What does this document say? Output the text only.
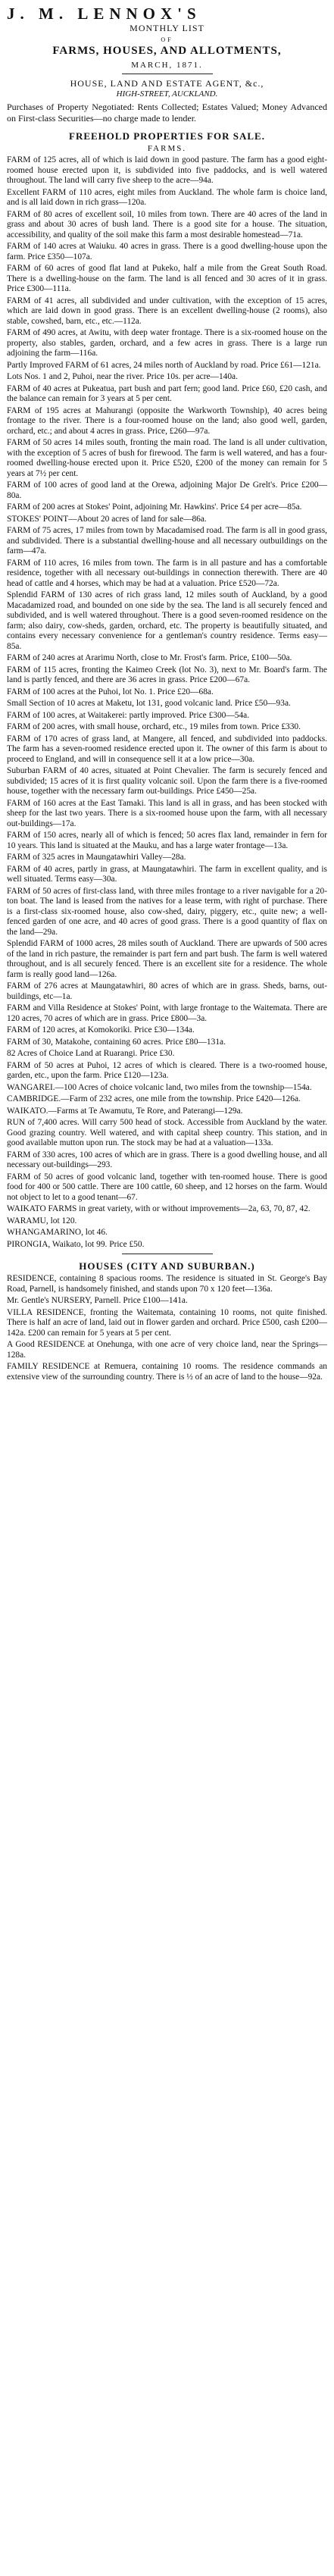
J. M. LENNOX'S
MONTHLY LIST
OF
FARMS, HOUSES, AND ALLOTMENTS,
MARCH, 1871.
HOUSE, LAND AND ESTATE AGENT, &c.,
HIGH-STREET, AUCKLAND.

Purchases of Property Negotiated: Rents Collected; Estates Valued; Money Advanced on First-class Securities—no charge made to lender.

FREEHOLD PROPERTIES FOR SALE.
FARMS.

FARM of 125 acres, all of which is laid down in good pasture. The farm has a good eight-roomed house erected upon it, is subdivided into five paddocks, and is well watered throughout. The land will carry five sheep to the acre—94a.

Excellent FARM of 110 acres, eight miles from Auckland. The whole farm is choice land, and is all laid down in rich grass—120a.

FARM of 80 acres of excellent soil, 10 miles from town. There are 40 acres of the land in grass and about 30 acres of bush land. There is a good site for a house. The situation, accessibility, and quality of the soil make this farm a most desirable homestead—71a.

FARM of 140 acres at Waiuku. 40 acres in grass. There is a good dwelling-house upon the farm. Price £350—107a.

FARM of 60 acres of good flat land at Pukeko, half a mile from the Great South Road. There is a dwelling-house on the farm. The land is all fenced and 30 acres of it in grass. Price £300—111a.

FARM of 41 acres, all subdivided and under cultivation, with the exception of 15 acres, which are laid down in good grass. There is an excellent dwelling-house (2 rooms), also stable, cowshed, barn, etc., etc.—112a.

FARM of 490 acres, at Awitu, with deep water frontage. There is a six-roomed house on the property, also stables, garden, orchard, and a few acres in grass. There is a large run adjoining the farm—116a.

Partly Improved FARM of 61 acres, 24 miles north of Auckland by road. Price £61—121a.

Lots Nos. 1 and 2, Puhoi, near the river. Price 10s. per acre—140a.

FARM of 40 acres at Pukeatua, part bush and part fern; good land. Price £60, £20 cash, and the balance can remain for 3 years at 5 per cent.

FARM of 195 acres at Mahurangi (opposite the Warkworth Township), 40 acres being frontage to the river. There is a four-roomed house on the land; also good well, garden, orchard, etc.; and about 4 acres in grass. Price, £260—97a.

FARM of 50 acres 14 miles south, fronting the main road. The land is all under cultivation, with the exception of 5 acres of bush for firewood. The farm is well watered, and has a four-roomed dwelling-house erected upon it. Price £520, £200 of the money can remain for 5 years at 7½ per cent.

FARM of 100 acres of good land at the Orewa, adjoining Major De Grelt's. Price £200—80a.

FARM of 200 acres at Stokes' Point, adjoining Mr. Hawkins'. Price £4 per acre—85a.

STOKES' POINT—About 20 acres of land for sale—86a.

FARM of 75 acres, 17 miles from town by Macadamised road. The farm is all in good grass, and subdivided. There is a substantial dwelling-house and all necessary outbuildings on the farm—47a.

FARM of 110 acres, 16 miles from town. The farm is in all pasture and has a comfortable residence, together with all necessary out-buildings in connection therewith. There are 40 head of cattle and 4 horses, which may be had at a valuation. Price £520—72a.

Splendid FARM of 130 acres of rich grass land, 12 miles south of Auckland, by a good Macadamized road, and bounded on one side by the sea. The land is all securely fenced and subdivided, and is well watered throughout. There is a good seven-roomed residence on the farm; also dairy, cow-sheds, garden, orchard, etc. The property is beautifully situated, and contains every necessary convenience for a gentleman's country residence. Terms easy—85a.

FARM of 240 acres at Ararimu North, close to Mr. Frost's farm. Price, £100—50a.

FARM of 115 acres, fronting the Kaimeo Creek (lot No. 3), next to Mr. Board's farm. The land is partly fenced, and there are 36 acres in grass. Price £200—67a.

FARM of 100 acres at the Puhoi, lot No. 1. Price £20—68a.

Small Section of 10 acres at Maketu, lot 131, good volcanic land. Price £50—93a.

FARM of 100 acres, at Waitakerei: partly improved. Price £300—54a.

FARM of 200 acres, with small house, orchard, etc., 19 miles from town. Price £330.

FARM of 170 acres of grass land, at Mangere, all fenced, and subdivided into paddocks. The farm has a seven-roomed residence erected upon it. The owner of this farm is about to proceed to England, and will in consequence sell it at a low price—30a.

Suburban FARM of 40 acres, situated at Point Chevalier. The farm is securely fenced and subdivided; 15 acres of it is first quality volcanic soil. Upon the farm there is a five-roomed house, together with the necessary farm out-buildings. Price £450—25a.

FARM of 160 acres at the East Tamaki. This land is all in grass, and has been stocked with sheep for the last two years. There is a six-roomed house upon the farm, with all necessary out-buildings—17a.

FARM of 150 acres, nearly all of which is fenced; 50 acres flax land, remainder in fern for 10 years. This land is situated at the Mauku, and has a large water frontage—13a.

FARM of 325 acres in Maungatawhiri Valley—28a.

FARM of 40 acres, partly in grass, at Maungatawhiri. The farm in excellent quality, and is well situated. Terms easy—30a.

FARM of 50 acres of first-class land, with three miles frontage to a river navigable for a 20-ton boat. The land is leased from the natives for a lease term, with right of purchase. There is a first-class six-roomed house, also cow-shed, dairy, piggery, etc., quite new; a well-fenced garden of one acre, and 40 acres of good grass. There is a good quantity of flax on the land—29a.

Splendid FARM of 1000 acres, 28 miles south of Auckland. There are upwards of 500 acres of the land in rich pasture, the remainder is part fern and part bush. The farm is well watered throughout, and is all securely fenced. There is an excellent site for a residence. The whole farm is really good land—126a.

FARM of 276 acres at Maungatawhiri, 80 acres of which are in grass. Sheds, barns, out-buildings, etc—1a.

FARM and Villa Residence at Stokes' Point, with large frontage to the Waitemata. There are 120 acres, 70 acres of which are in grass. Price £800—3a.

FARM of 120 acres, at Komokoriki. Price £30—134a.

FARM of 30, Matakohe, containing 60 acres. Price £80—131a.

82 Acres of Choice Land at Ruarangi. Price £30.

FARM of 50 acres at Puhoi, 12 acres of which is cleared. There is a two-roomed house, garden, etc., upon the farm. Price £120—123a.

WANGAREI.—100 Acres of choice volcanic land, two miles from the township—154a.

CAMBRIDGE.—Farm of 232 acres, one mile from the township. Price £420—126a.

WAIKATO.—Farms at Te Awamutu, Te Rore, and Paterangi—129a.

RUN of 7,400 acres. Will carry 500 head of stock. Accessible from Auckland by the water. Good grazing country. Well watered, and with capital sheep country. This station, and in good available mutton upon run. The stock may be had at a valuation—133a.

FARM of 330 acres, 100 acres of which are in grass. There is a good dwelling house, and all necessary out-buildings—293.

FARM of 50 acres of good volcanic land, together with ten-roomed house. There is good food for 400 or 500 cattle. There are 100 cattle, 60 sheep, and 12 horses on the farm. Would not object to let to a good tenant—67.

WAIKATO FARMS in great variety, with or without improvements—2a, 63, 70, 87, 42.

WARAMU, lot 120.

WHANGAMARINO, lot 46.

PIRONGIA, Waikato, lot 99. Price £50.

HOUSES (CITY AND SUBURBAN.)

RESIDENCE, containing 8 spacious rooms. The residence is situated in St. George's Bay Road, Parnell, is handsomely finished, and stands upon 70 x 120 feet—136a.

Mr. Gentle's NURSERY, Parnell. Price £100—141a.

VILLA RESIDENCE, fronting the Waitemata, containing 10 rooms, not quite finished. There is half an acre of land, laid out in flower garden and orchard. Price £500, cash £200—142a. £200 can remain for 5 years at 5 per cent.

A Good RESIDENCE at Onehunga, with one acre of very choice land, near the Springs—128a.

FAMILY RESIDENCE at Remuera, containing 10 rooms. The residence commands an extensive view of the surrounding country. There is ½ of an acre of land to the house—92a.
